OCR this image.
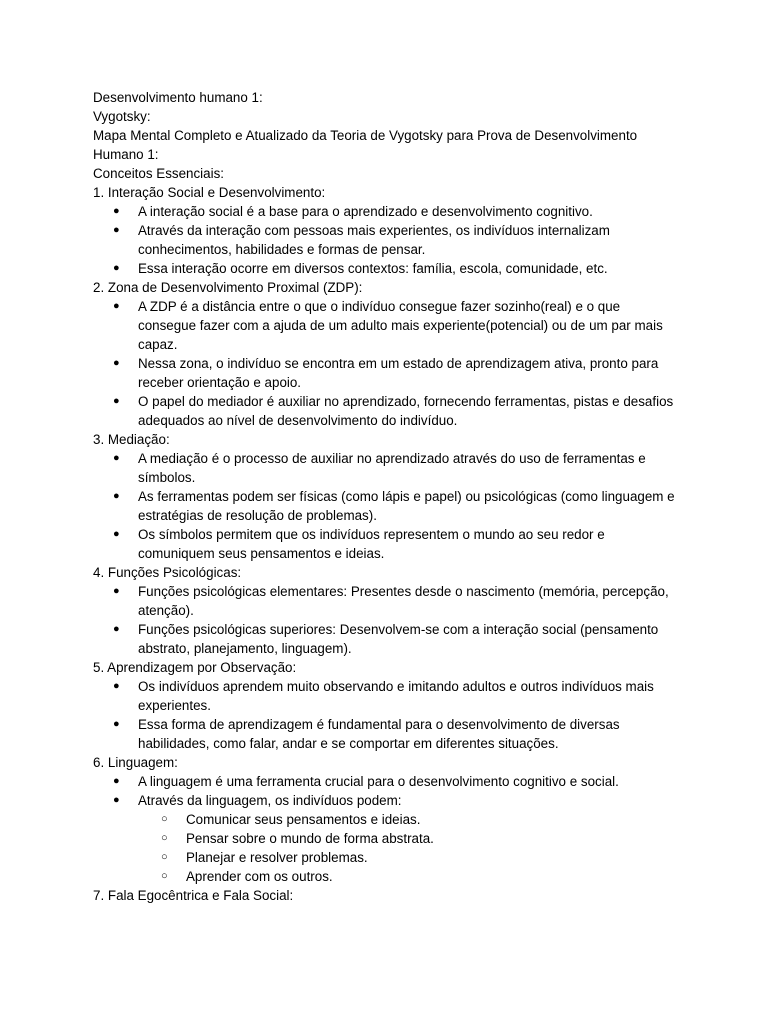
Desenvolvimento humano 1:

Vygotsky:

Mapa Mental Completo e Atualizado da Teoria de Vygotsky para Prova de Desenvolvimento Humano 1:

Conceitos Essenciais:

1. Interação Social e Desenvolvimento:

● A interação social é a base para o aprendizado e desenvolvimento cognitivo.
● Através da interação com pessoas mais experientes, os indivíduos internalizam conhecimentos, habilidades e formas de pensar.
● Essa interação ocorre em diversos contextos: família, escola, comunidade, etc.

2. Zona de Desenvolvimento Proximal (ZDP):

● A ZDP é a distância entre o que o indivíduo consegue fazer sozinho(real) e o que consegue fazer com a ajuda de um adulto mais experiente(potencial) ou de um par mais capaz.
● Nessa zona, o indivíduo se encontra em um estado de aprendizagem ativa, pronto para receber orientação e apoio.
● O papel do mediador é auxiliar no aprendizado, fornecendo ferramentas, pistas e desafios adequados ao nível de desenvolvimento do indivíduo.

3. Mediação:

● A mediação é o processo de auxiliar no aprendizado através do uso de ferramentas e símbolos.
● As ferramentas podem ser físicas (como lápis e papel) ou psicológicas (como linguagem e estratégias de resolução de problemas).
● Os símbolos permitem que os indivíduos representem o mundo ao seu redor e comuniquem seus pensamentos e ideias.

4. Funções Psicológicas:

● Funções psicológicas elementares: Presentes desde o nascimento (memória, percepção, atenção).
● Funções psicológicas superiores: Desenvolvem-se com a interação social (pensamento abstrato, planejamento, linguagem).

5. Aprendizagem por Observação:

● Os indivíduos aprendem muito observando e imitando adultos e outros indivíduos mais experientes.
● Essa forma de aprendizagem é fundamental para o desenvolvimento de diversas habilidades, como falar, andar e se comportar em diferentes situações.

6. Linguagem:

● A linguagem é uma ferramenta crucial para o desenvolvimento cognitivo e social.
● Através da linguagem, os indivíduos podem:
○ Comunicar seus pensamentos e ideias.
○ Pensar sobre o mundo de forma abstrata.
○ Planejar e resolver problemas.
○ Aprender com os outros.

7. Fala Egocêntrica e Fala Social:
